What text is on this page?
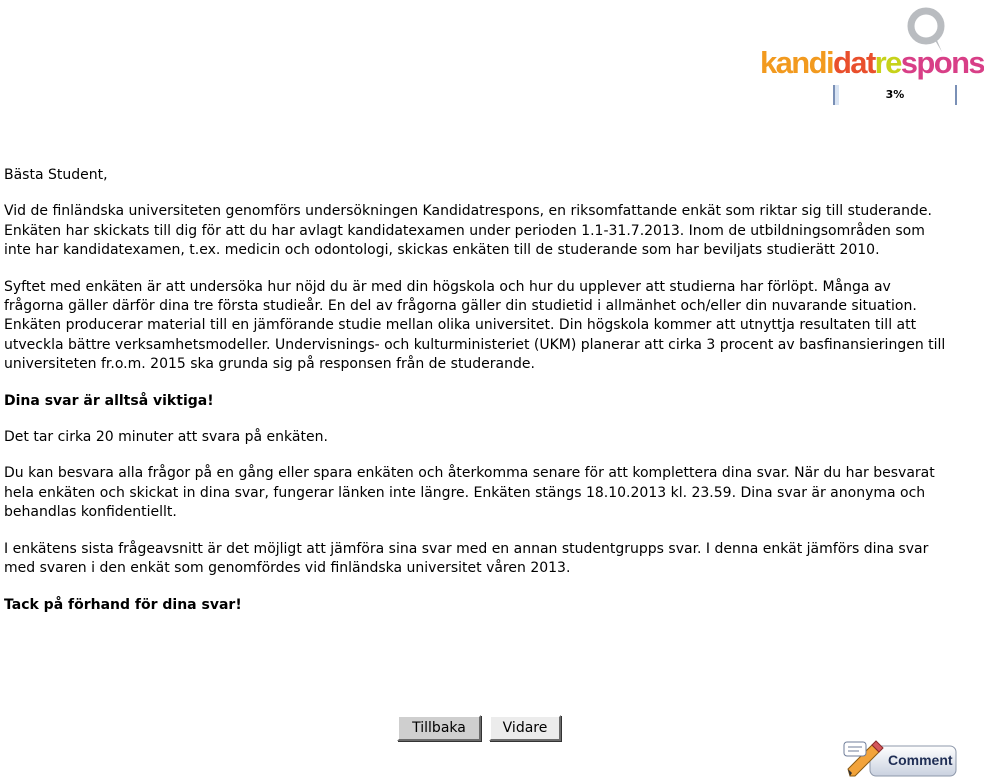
kandidatrespons
3%

Bästa Student,

Vid de finländska universiteten genomförs undersökningen Kandidatrespons, en riksomfattande enkät som riktar sig till studerande. Enkäten har skickats till dig för att du har avlagt kandidatexamen under perioden 1.1-31.7.2013. Inom de utbildningsområden som inte har kandidatexamen, t.ex. medicin och odontologi, skickas enkäten till de studerande som har beviljats studierätt 2010.

Syftet med enkäten är att undersöka hur nöjd du är med din högskola och hur du upplever att studierna har förlöpt. Många av frågorna gäller därför dina tre första studieår. En del av frågorna gäller din studietid i allmänhet och/eller din nuvarande situation. Enkäten producerar material till en jämförande studie mellan olika universitet. Din högskola kommer att utnyttja resultaten till att utveckla bättre verksamhetsmodeller. Undervisnings- och kulturministeriet (UKM) planerar att cirka 3 procent av basfinansieringen till universiteten fr.o.m. 2015 ska grunda sig på responsen från de studerande.

Dina svar är alltså viktiga!

Det tar cirka 20 minuter att svara på enkäten.

Du kan besvara alla frågor på en gång eller spara enkäten och återkomma senare för att komplettera dina svar. När du har besvarat hela enkäten och skickat in dina svar, fungerar länken inte längre. Enkäten stängs 18.10.2013 kl. 23.59. Dina svar är anonyma och behandlas konfidentiellt.

I enkätens sista frågeavsnitt är det möjligt att jämföra sina svar med en annan studentgrupps svar. I denna enkät jämförs dina svar med svaren i den enkät som genomfördes vid finländska universitet våren 2013.

Tack på förhand för dina svar!

Tillbaka	Vidare
Comment
